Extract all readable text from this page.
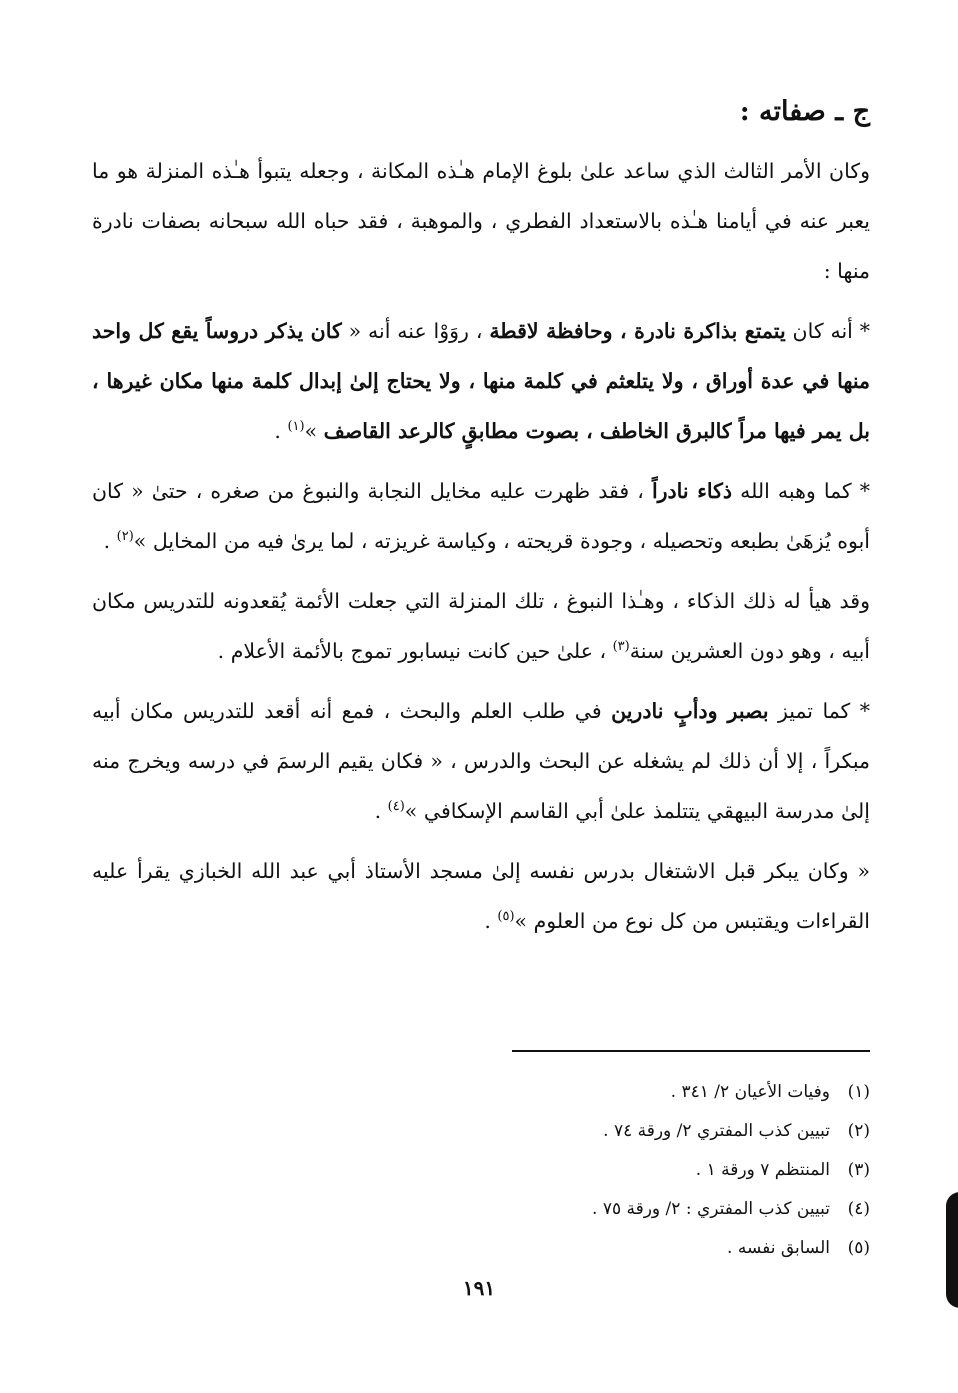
ج ـ صفاته :

وكان الأمر الثالث الذي ساعد علىٰ بلوغ الإمام هـٰذه المكانة ، وجعله يتبوأ هـٰذه المنزلة هو ما يعبر عنه في أيامنا هـٰذه بالاستعداد الفطري ، والموهبة ، فقد حباه الله سبحانه بصفات نادرة منها :

* أنه كان يتمتع بذاكرة نادرة ، وحافظة لاقطة ، روَوْا عنه أنه « كان يذكر دروساً يقع كل واحد منها في عدة أوراق ، ولا يتلعثم في كلمة منها ، ولا يحتاج إلىٰ إبدال كلمة منها مكان غيرها ، بل يمر فيها مراً كالبرق الخاطف ، بصوت مطابقٍ كالرعد القاصف »$^{(١)}$ .

* كما وهبه الله ذكاء نادراً ، فقد ظهرت عليه مخايل النجابة والنبوغ من صغره ، حتىٰ « كان أبوه يُزهَىٰ بطبعه وتحصيله ، وجودة قريحته ، وكياسة غريزته ، لما يرىٰ فيه من المخايل »$^{(٢)}$ .

وقد هيأ له ذلك الذكاء ، وهـٰذا النبوغ ، تلك المنزلة التي جعلت الأئمة يُقعدونه للتدريس مكان أبيه ، وهو دون العشرين سنة$^{(٣)}$ ، علىٰ حين كانت نيسابور تموج بالأئمة الأعلام .

* كما تميز بصبر ودأبٍ نادرين في طلب العلم والبحث ، فمع أنه أقعد للتدريس مكان أبيه مبكراً ، إلا أن ذلك لم يشغله عن البحث والدرس ، « فكان يقيم الرسمَ في درسه ويخرج منه إلىٰ مدرسة البيهقي يتتلمذ علىٰ أبي القاسم الإسكافي »$^{(٤)}$ .

« وكان يبكر قبل الاشتغال بدرس نفسه إلىٰ مسجد الأستاذ أبي عبد الله الخبازي يقرأ عليه القراءات ويقتبس من كل نوع من العلوم »$^{(٥)}$ .

(١)
وفيات الأعيان ٢/ ٣٤١ .
(٢)
تبيين كذب المفتري ٢/ ورقة ٧٤ .
(٣)
المنتظم ٧ ورقة ١ .
(٤)
تبيين كذب المفتري : ٢/ ورقة ٧٥ .
(٥)
السابق نفسه .
١٩١
